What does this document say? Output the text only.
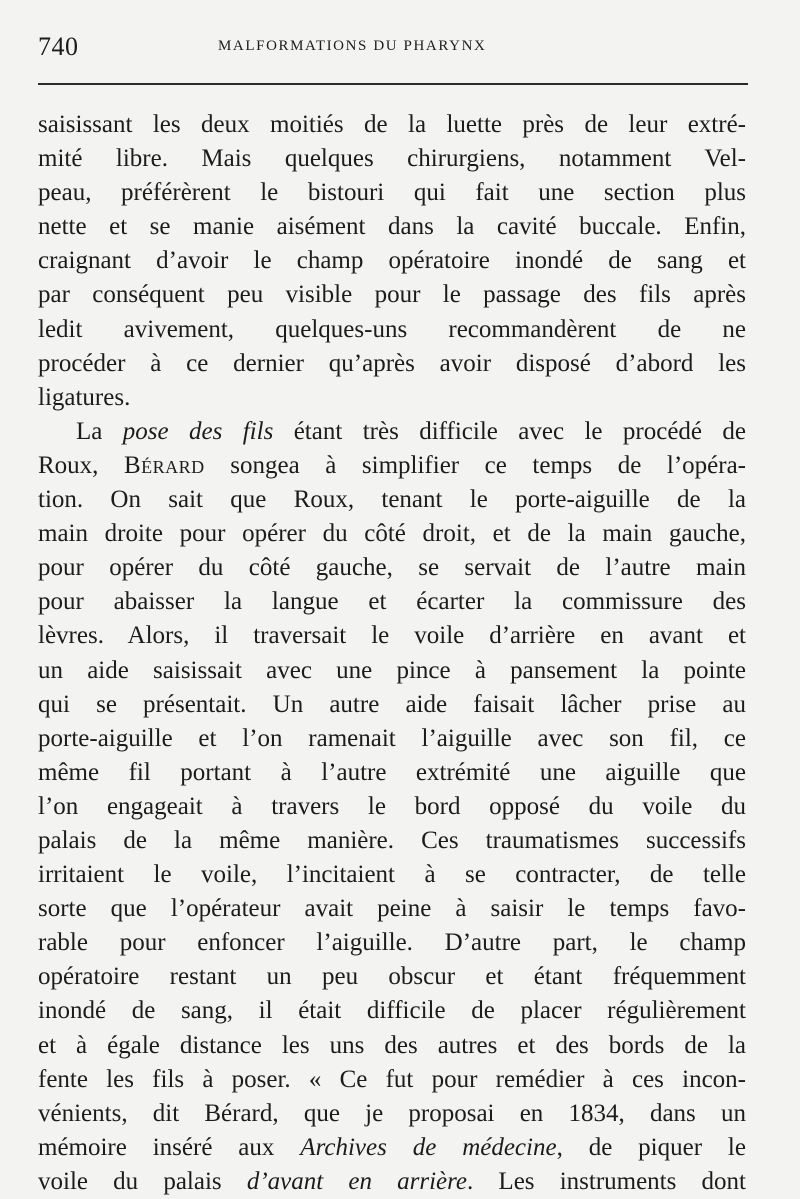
740	MALFORMATIONS DU PHARYNX
saisissant les deux moitiés de la luette près de leur extré-
mité libre. Mais quelques chirurgiens, notamment Vel-
peau, préférèrent le bistouri qui fait une section plus
nette et se manie aisément dans la cavité buccale. Enfin,
craignant d’avoir le champ opératoire inondé de sang et
par conséquent peu visible pour le passage des fils après
ledit avivement, quelques-uns recommandèrent de ne
procéder à ce dernier qu’après avoir disposé d’abord les
ligatures.
La pose des fils étant très difficile avec le procédé de
Roux, Bérard songea à simplifier ce temps de l’opéra-
tion. On sait que Roux, tenant le porte-aiguille de la
main droite pour opérer du côté droit, et de la main gauche,
pour opérer du côté gauche, se servait de l’autre main
pour abaisser la langue et écarter la commissure des
lèvres. Alors, il traversait le voile d’arrière en avant et
un aide saisissait avec une pince à pansement la pointe
qui se présentait. Un autre aide faisait lâcher prise au
porte-aiguille et l’on ramenait l’aiguille avec son fil, ce
même fil portant à l’autre extrémité une aiguille que
l’on engageait à travers le bord opposé du voile du
palais de la même manière. Ces traumatismes successifs
irritaient le voile, l’incitaient à se contracter, de telle
sorte que l’opérateur avait peine à saisir le temps favo-
rable pour enfoncer l’aiguille. D’autre part, le champ
opératoire restant un peu obscur et étant fréquemment
inondé de sang, il était difficile de placer régulièrement
et à égale distance les uns des autres et des bords de la
fente les fils à poser. « Ce fut pour remédier à ces incon-
vénients, dit Bérard, que je proposai en 1834, dans un
mémoire inséré aux Archives de médecine, de piquer le
voile du palais d’avant en arrière. Les instruments dont
